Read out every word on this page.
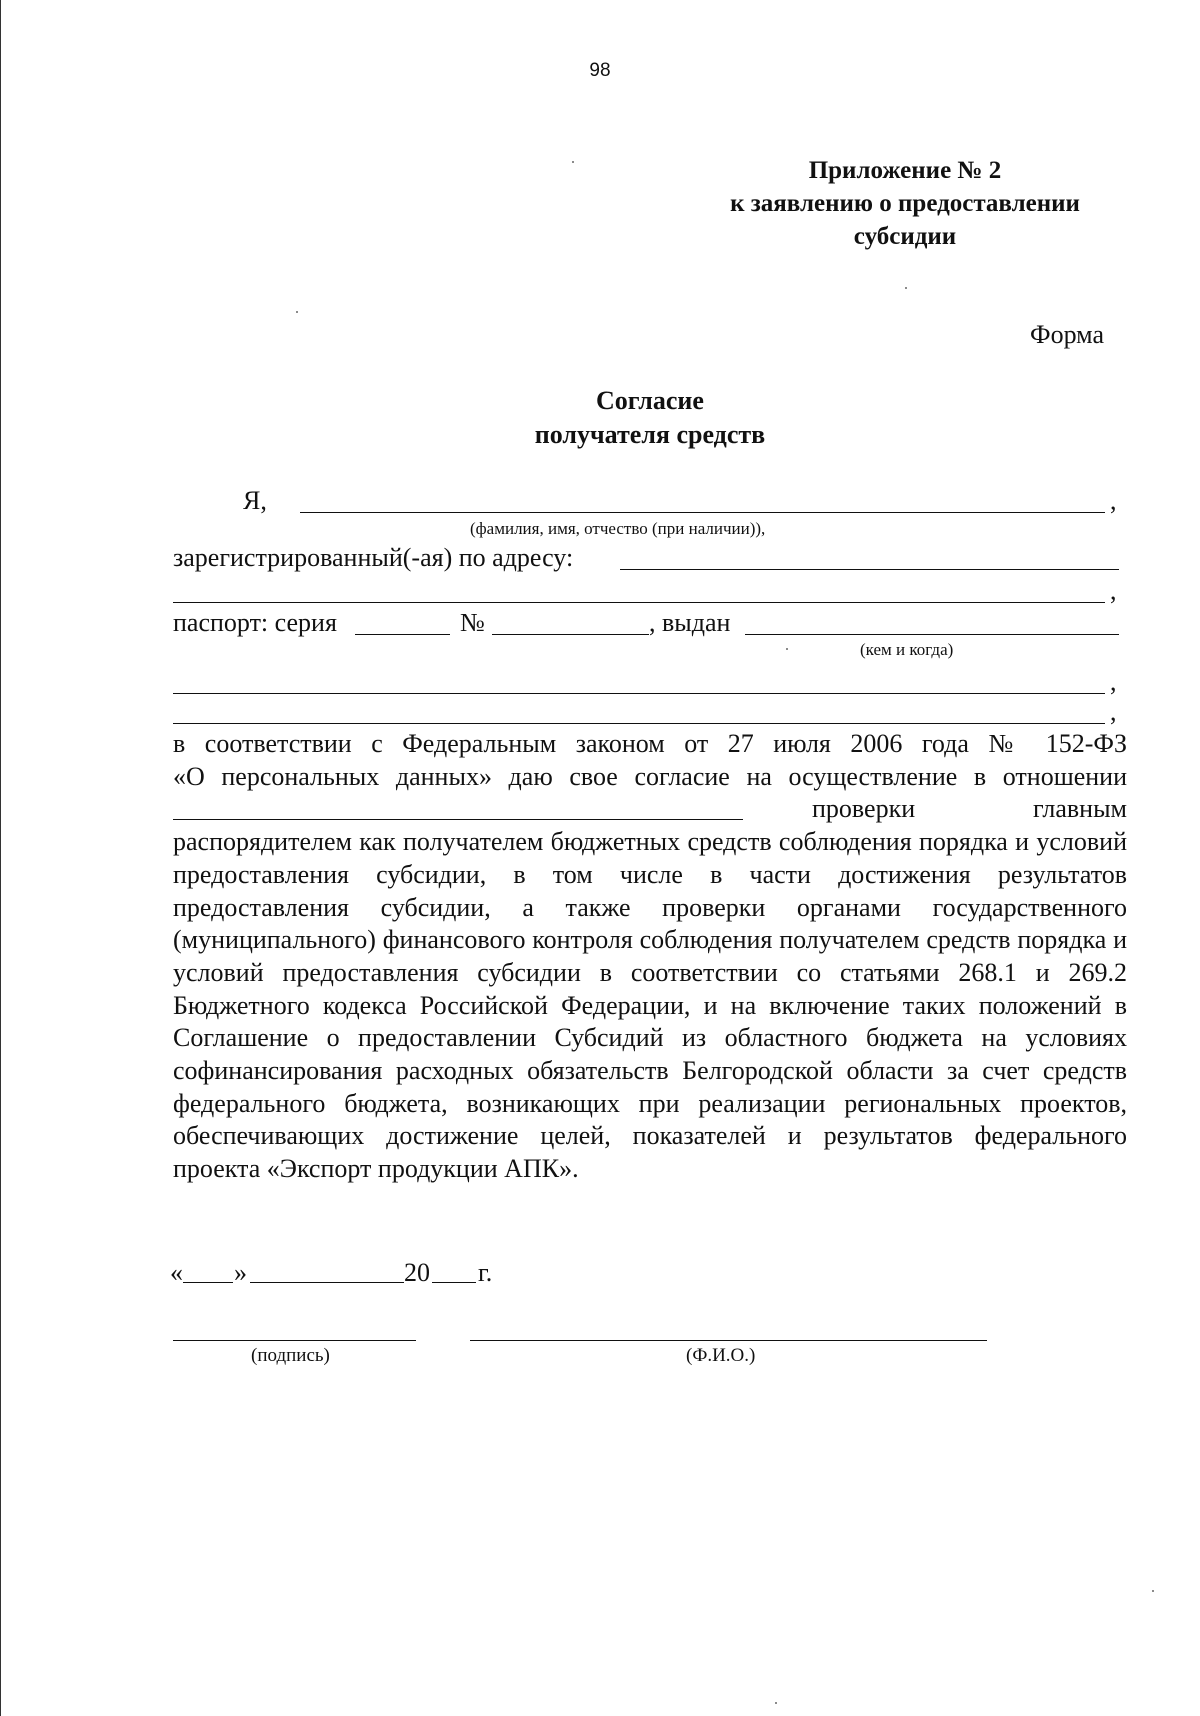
98
Приложение № 2
к заявлению о предоставлении
субсидии
Форма
Согласие
получателя средств
Я,	,
(фамилия, имя, отчество (при наличии)),
зарегистрированный(-ая) по адресу:
,
паспорт: серия	№	, выдан
(кем и когда)
,
,

в соответствии с Федеральным законом от 27 июля 2006 года № 152-ФЗ

«О персональных данных» даю свое согласие на осуществление в отношении

проверки главным

распорядителем как получателем бюджетных средств соблюдения порядка и условий предоставления субсидии, в том числе в части достижения результатов предоставления субсидии, а также проверки органами государственного (муниципального) финансового контроля соблюдения получателем средств порядка и условий предоставления субсидии в соответствии со статьями 268.1 и 269.2 Бюджетного кодекса Российской Федерации, и на включение таких положений в Соглашение о предоставлении Субсидий из областного бюджета на условиях софинансирования расходных обязательств Белгородской области за счет средств федерального бюджета, возникающих при реализации региональных проектов, обеспечивающих достижение целей, показателей и результатов федерального проекта «Экспорт продукции АПК».

« »	20 г.
(подпись)	(Ф.И.О.)
